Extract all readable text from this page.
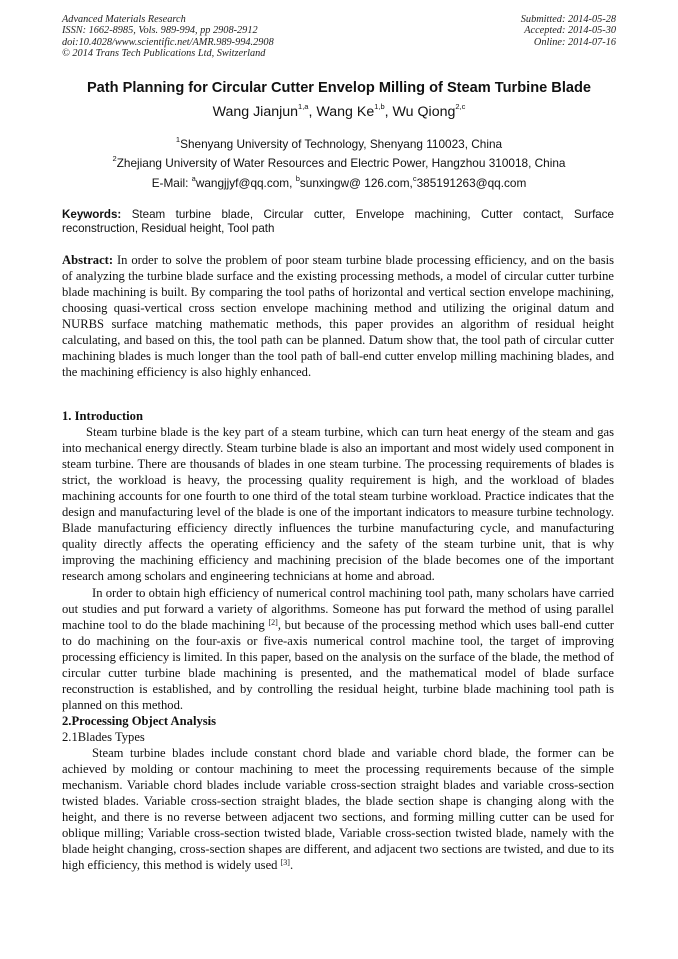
Advanced Materials Research
ISSN: 1662-8985, Vols. 989-994, pp 2908-2912
doi:10.4028/www.scientific.net/AMR.989-994.2908
© 2014 Trans Tech Publications Ltd, Switzerland
Submitted: 2014-05-28
Accepted: 2014-05-30
Online: 2014-07-16
Path Planning for Circular Cutter Envelop Milling of Steam Turbine Blade
Wang Jianjun$^{1,a}$, Wang Ke$^{1,b}$, Wu Qiong$^{2,c}$
$^1$Shenyang University of Technology, Shenyang 110023, China
$^2$Zhejiang University of Water Resources and Electric Power, Hangzhou 310018, China
E-Mail: $^a$wangjjyf@qq.com, $^b$sunxingw@ 126.com,$^c$385191263@qq.com
Keywords: Steam turbine blade, Circular cutter, Envelope machining, Cutter contact, Surface reconstruction, Residual height, Tool path

Abstract: In order to solve the problem of poor steam turbine blade processing efficiency, and on the basis of analyzing the turbine blade surface and the existing processing methods, a model of circular cutter turbine blade machining is built. By comparing the tool paths of horizontal and vertical section envelope machining, choosing quasi-vertical cross section envelope machining method and utilizing the original datum and NURBS surface matching mathematic methods, this paper provides an algorithm of residual height calculating, and based on this, the tool path can be planned. Datum show that, the tool path of circular cutter machining blades is much longer than the tool path of ball-end cutter envelop milling machining blades, and the machining efficiency is also highly enhanced.

1. Introduction

Steam turbine blade is the key part of a steam turbine, which can turn heat energy of the steam and gas into mechanical energy directly. Steam turbine blade is also an important and most widely used component in steam turbine. There are thousands of blades in one steam turbine. The processing requirements of blades is strict, the workload is heavy, the processing quality requirement is high, and the workload of blades machining accounts for one fourth to one third of the total steam turbine workload. Practice indicates that the design and manufacturing level of the blade is one of the important indicators to measure turbine technology. Blade manufacturing efficiency directly influences the turbine manufacturing cycle, and manufacturing quality directly affects the operating efficiency and the safety of the steam turbine unit, that is why improving the machining efficiency and machining precision of the blade becomes one of the important research among scholars and engineering technicians at home and abroad.

In order to obtain high efficiency of numerical control machining tool path, many scholars have carried out studies and put forward a variety of algorithms. Someone has put forward the method of using parallel machine tool to do the blade machining [2], but because of the processing method which uses ball-end cutter to do machining on the four-axis or five-axis numerical control machine tool, the target of improving processing efficiency is limited. In this paper, based on the analysis on the surface of the blade, the method of circular cutter turbine blade machining is presented, and the mathematical model of blade surface reconstruction is established, and by controlling the residual height, turbine blade machining tool path is planned on this method.

2.Processing Object Analysis

2.1Blades Types

Steam turbine blades include constant chord blade and variable chord blade, the former can be achieved by molding or contour machining to meet the processing requirements because of the simple mechanism. Variable chord blades include variable cross-section straight blades and variable cross-section twisted blades. Variable cross-section straight blades, the blade section shape is changing along with the height, and there is no reverse between adjacent two sections, and forming milling cutter can be used for oblique milling; Variable cross-section twisted blade, Variable cross-section twisted blade, namely with the blade height changing, cross-section shapes are different, and adjacent two sections are twisted, and due to its high efficiency, this method is widely used [3].
